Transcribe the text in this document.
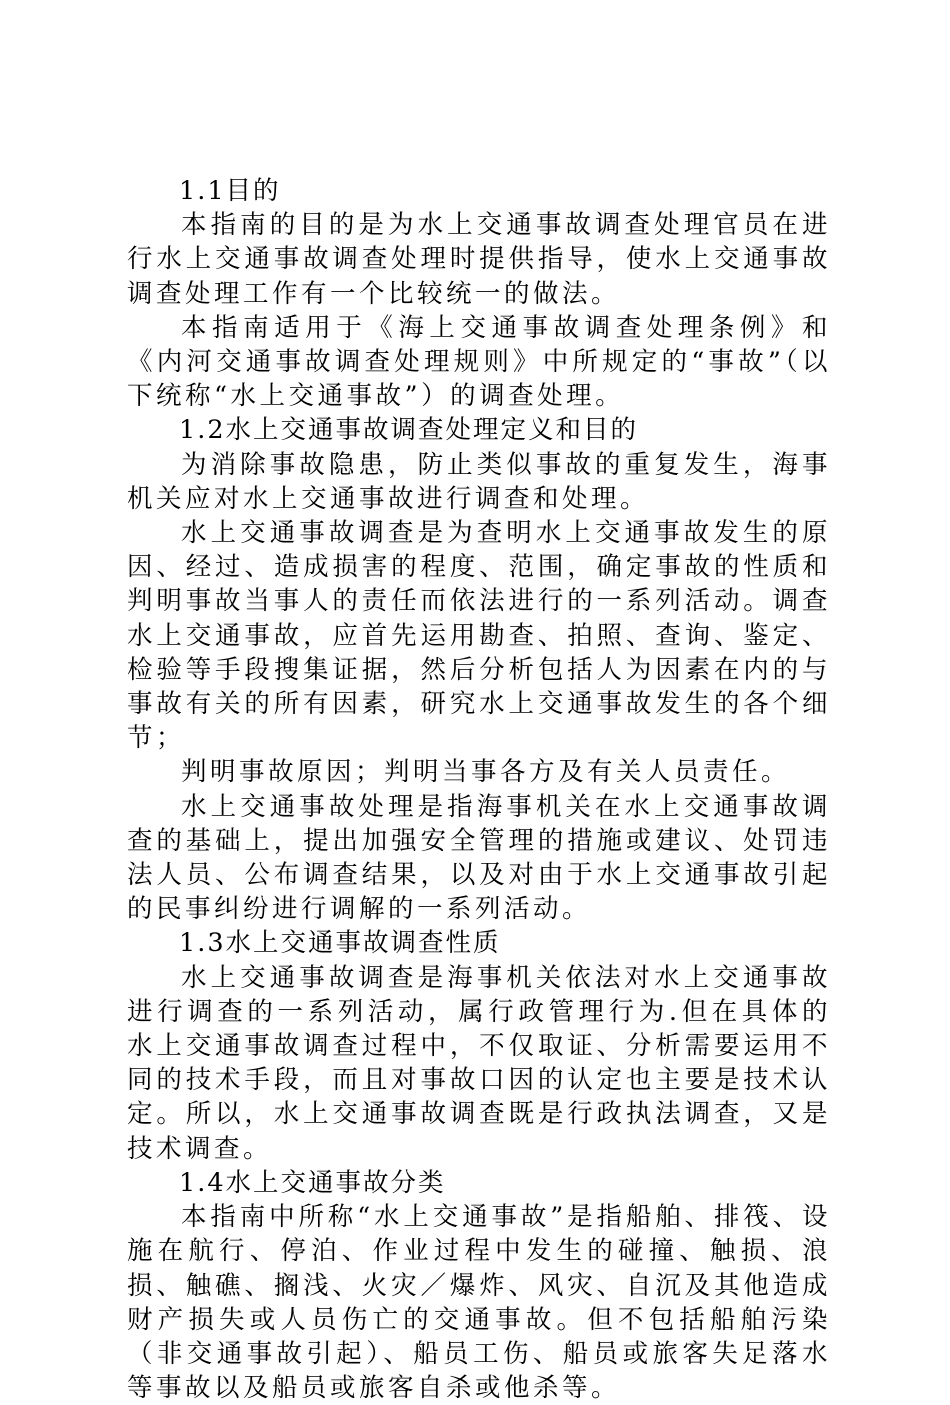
1.1目的

本指南的目的是为水上交通事故调查处理官员在进行水上交通事故调查处理时提供指导，使水上交通事故调查处理工作有一个比较统一的做法。

本指南适用于《海上交通事故调查处理条例》和《内河交通事故调查处理规则》中所规定的“事故”（以下统称“水上交通事故”）的调查处理。

1.2水上交通事故调查处理定义和目的

为消除事故隐患，防止类似事故的重复发生，海事机关应对水上交通事故进行调查和处理。

水上交通事故调查是为查明水上交通事故发生的原因、经过、造成损害的程度、范围，确定事故的性质和判明事故当事人的责任而依法进行的一系列活动。调查水上交通事故，应首先运用勘查、拍照、查询、鉴定、检验等手段搜集证据，然后分析包括人为因素在内的与事故有关的所有因素，研究水上交通事故发生的各个细节；

判明事故原因；判明当事各方及有关人员责任。

水上交通事故处理是指海事机关在水上交通事故调查的基础上，提出加强安全管理的措施或建议、处罚违法人员、公布调查结果，以及对由于水上交通事故引起的民事纠纷进行调解的一系列活动。

1.3水上交通事故调查性质

水上交通事故调查是海事机关依法对水上交通事故进行调查的一系列活动，属行政管理行为.但在具体的水上交通事故调查过程中，不仅取证、分析需要运用不同的技术手段，而且对事故口因的认定也主要是技术认定。所以，水上交通事故调查既是行政执法调查，又是技术调查。

1.4水上交通事故分类

本指南中所称“水上交通事故”是指船舶、排筏、设施在航行、停泊、作业过程中发生的碰撞、触损、浪损、触礁、搁浅、火灾／爆炸、风灾、自沉及其他造成财产损失或人员伤亡的交通事故。但不包括船舶污染（非交通事故引起）、船员工伤、船员或旅客失足落水等事故以及船员或旅客自杀或他杀等。
